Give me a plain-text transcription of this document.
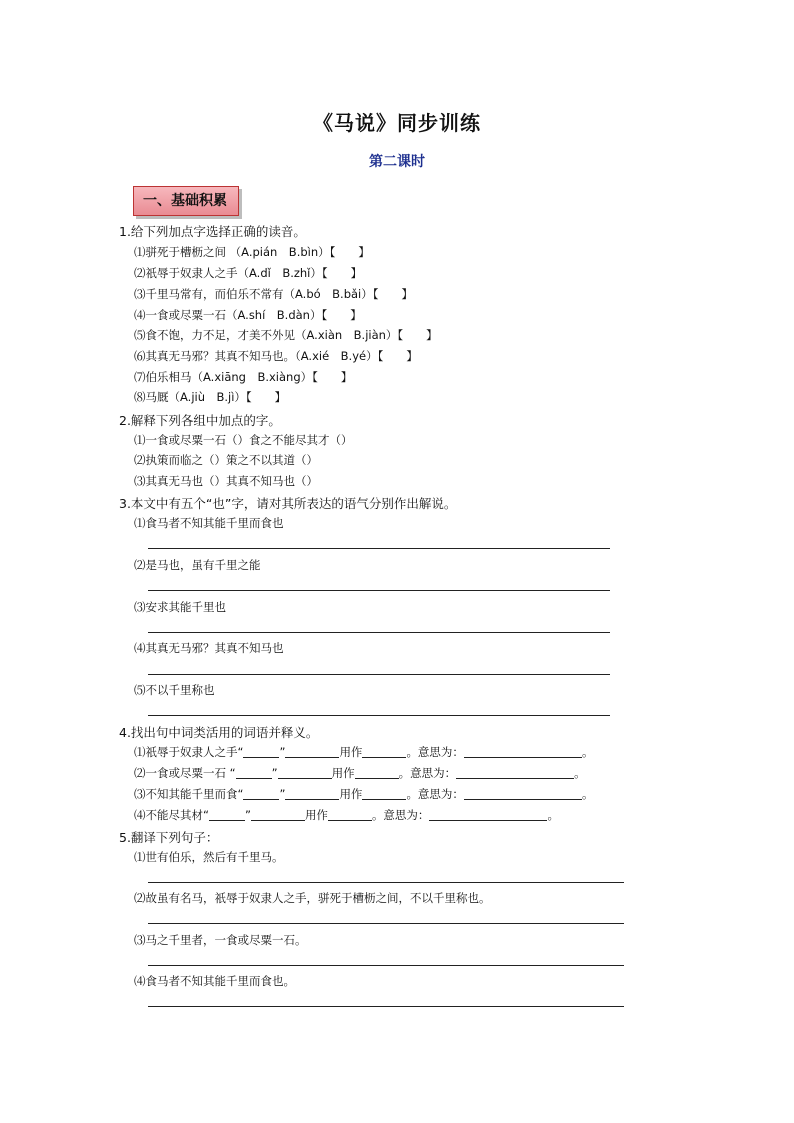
《马说》同步训练
第二课时
一、基础积累
1.给下列加点字选择正确的读音。
⑴骈死于槽枥之间 （A.pián　B.bìn）【　　】
⑵祇辱于奴隶人之手（A.dǐ　B.zhǐ）【　　】
⑶千里马常有，而伯乐不常有（A.bó　B.bǎi）【　　】
⑷一食或尽粟一石（A.shí　B.dàn）【　　】
⑸食不饱，力不足，才美不外见（A.xiàn　B.jiàn）【　　】
⑹其真无马邪？其真不知马也。（A.xié　B.yé）【　　】
⑺伯乐相马（A.xiāng　B.xiàng）【　　】
⑻马厩（A.jiù　B.jì）【　　】
2.解释下列各组中加点的字。
⑴一食或尽粟一石（）食之不能尽其才（）
⑵执策而临之（）策之不以其道（）
⑶其真无马也（）其真不知马也（）
3.本文中有五个“也”字，请对其所表达的语气分别作出解说。
⑴食马者不知其能千里而食也
⑵是马也，虽有千里之能
⑶安求其能千里也
⑷其真无马邪？其真不知马也
⑸不以千里称也
4.找出句中词类活用的词语并释义。
⑴祇辱于奴隶人之手“	”	用作	。意思为：	。
⑵一食或尽粟一石 “	”	用作	。意思为：	。
⑶不知其能千里而食“	”	用作	。意思为：	。
⑷不能尽其材“	”	用作	。意思为：	。
5.翻译下列句子：
⑴世有伯乐，然后有千里马。
⑵故虽有名马，祇辱于奴隶人之手，骈死于槽枥之间，不以千里称也。
⑶马之千里者，一食或尽粟一石。
⑷食马者不知其能千里而食也。
